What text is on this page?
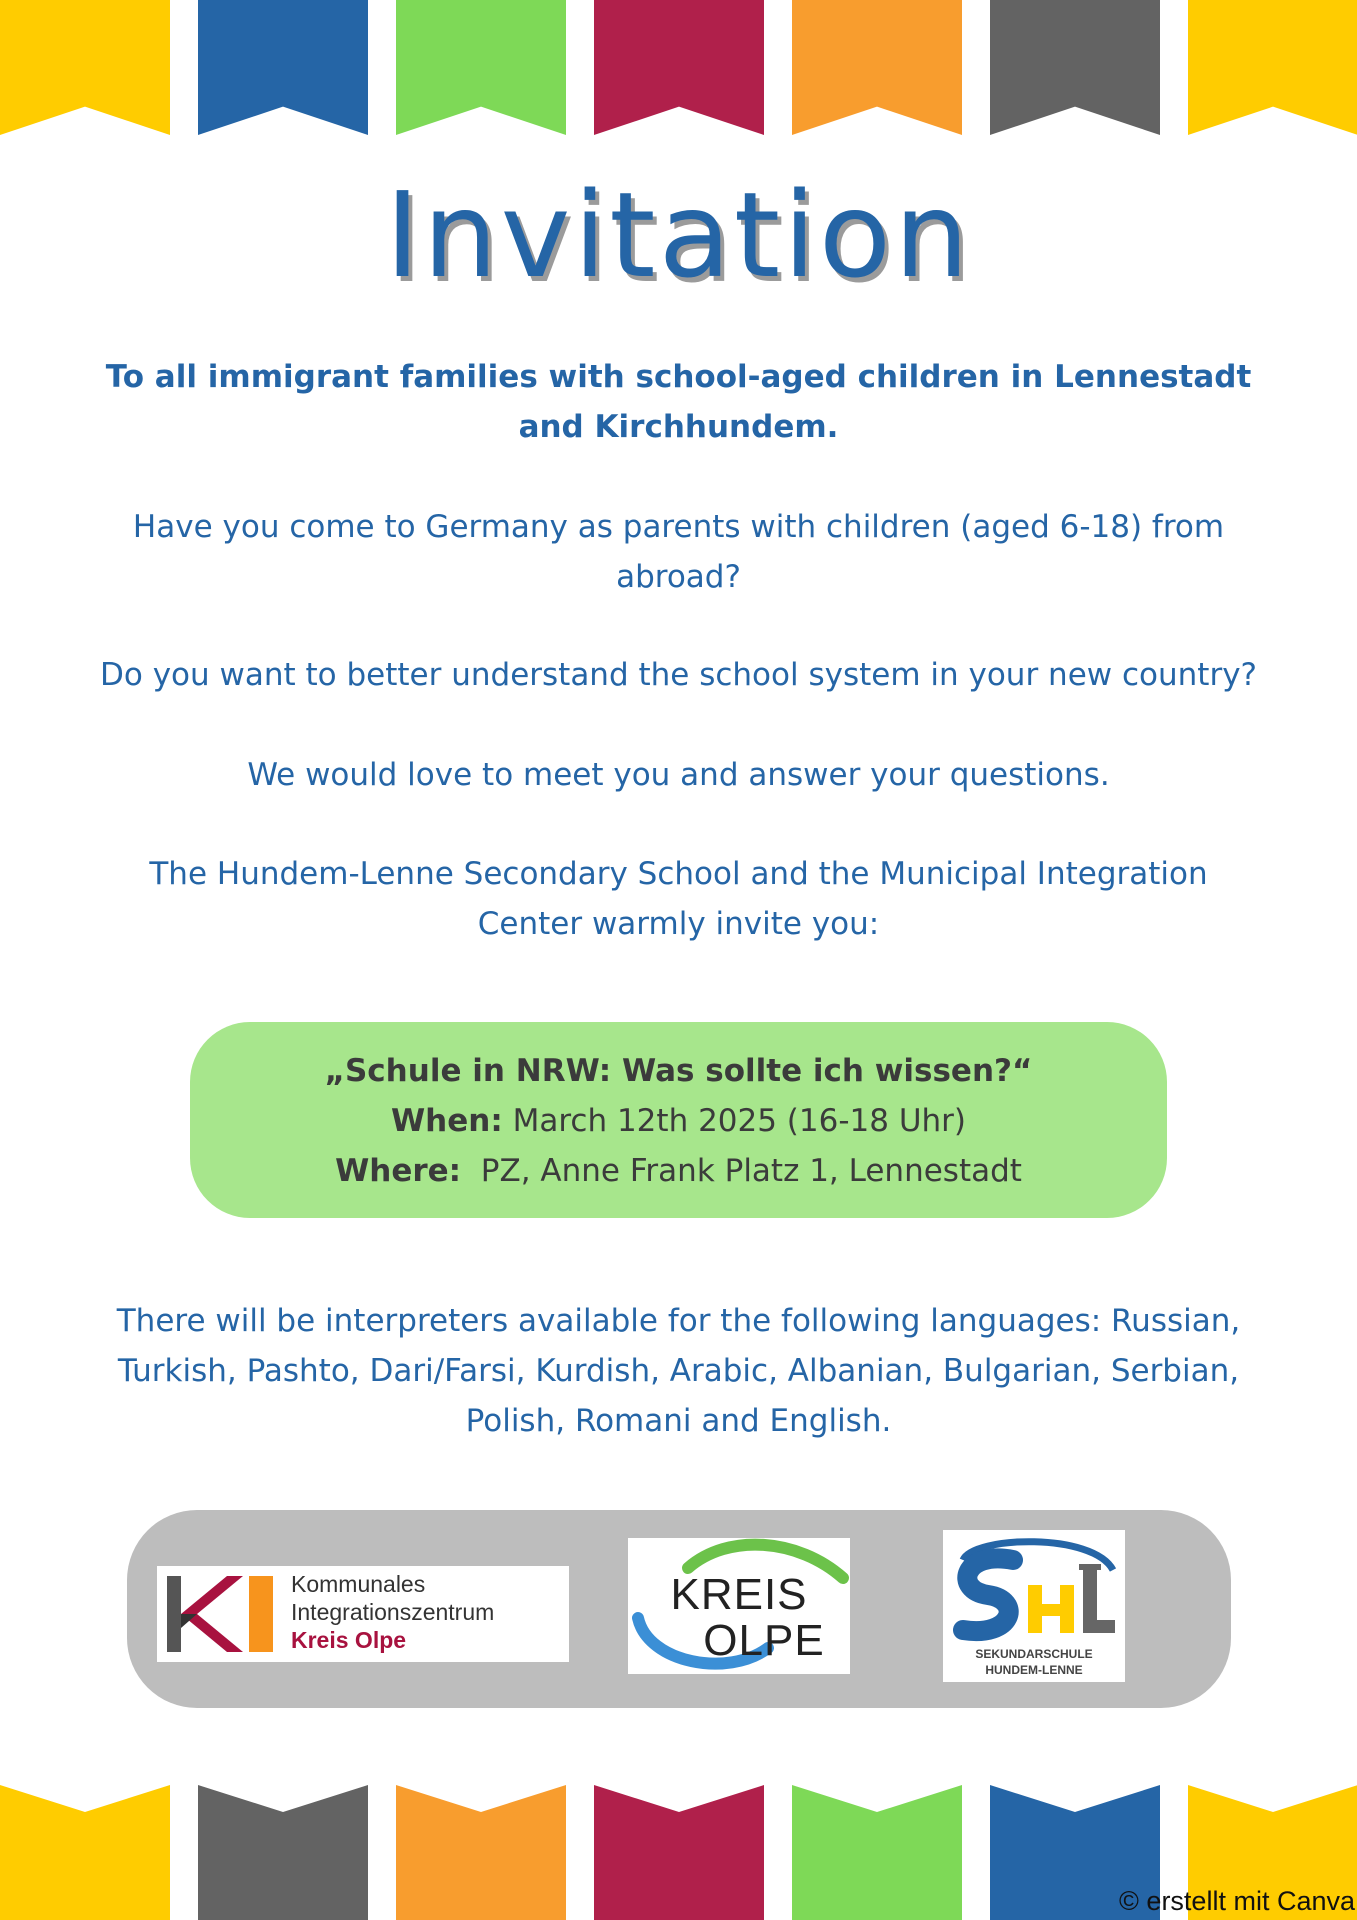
Invitation
To all immigrant families with school-aged children in Lennestadt and Kirchhundem.
Have you come to Germany as parents with children (aged 6-18) from abroad?
Do you want to better understand the school system in your new country?
We would love to meet you and answer your questions.
The Hundem-Lenne Secondary School and the Municipal Integration Center warmly invite you:
„Schule in NRW: Was sollte ich wissen?“
When: March 12th 2025 (16-18 Uhr)
Where: PZ, Anne Frank Platz 1, Lennestadt
There will be interpreters available for the following languages: Russian, Turkish, Pashto, Dari/Farsi, Kurdish, Arabic, Albanian, Bulgarian, Serbian, Polish, Romani and English.
Kommunales
Integrationszentrum
Kreis Olpe
KREIS
OLPE	SEKUNDARSCHULE
HUNDEM-LENNE
© erstellt mit Canva
